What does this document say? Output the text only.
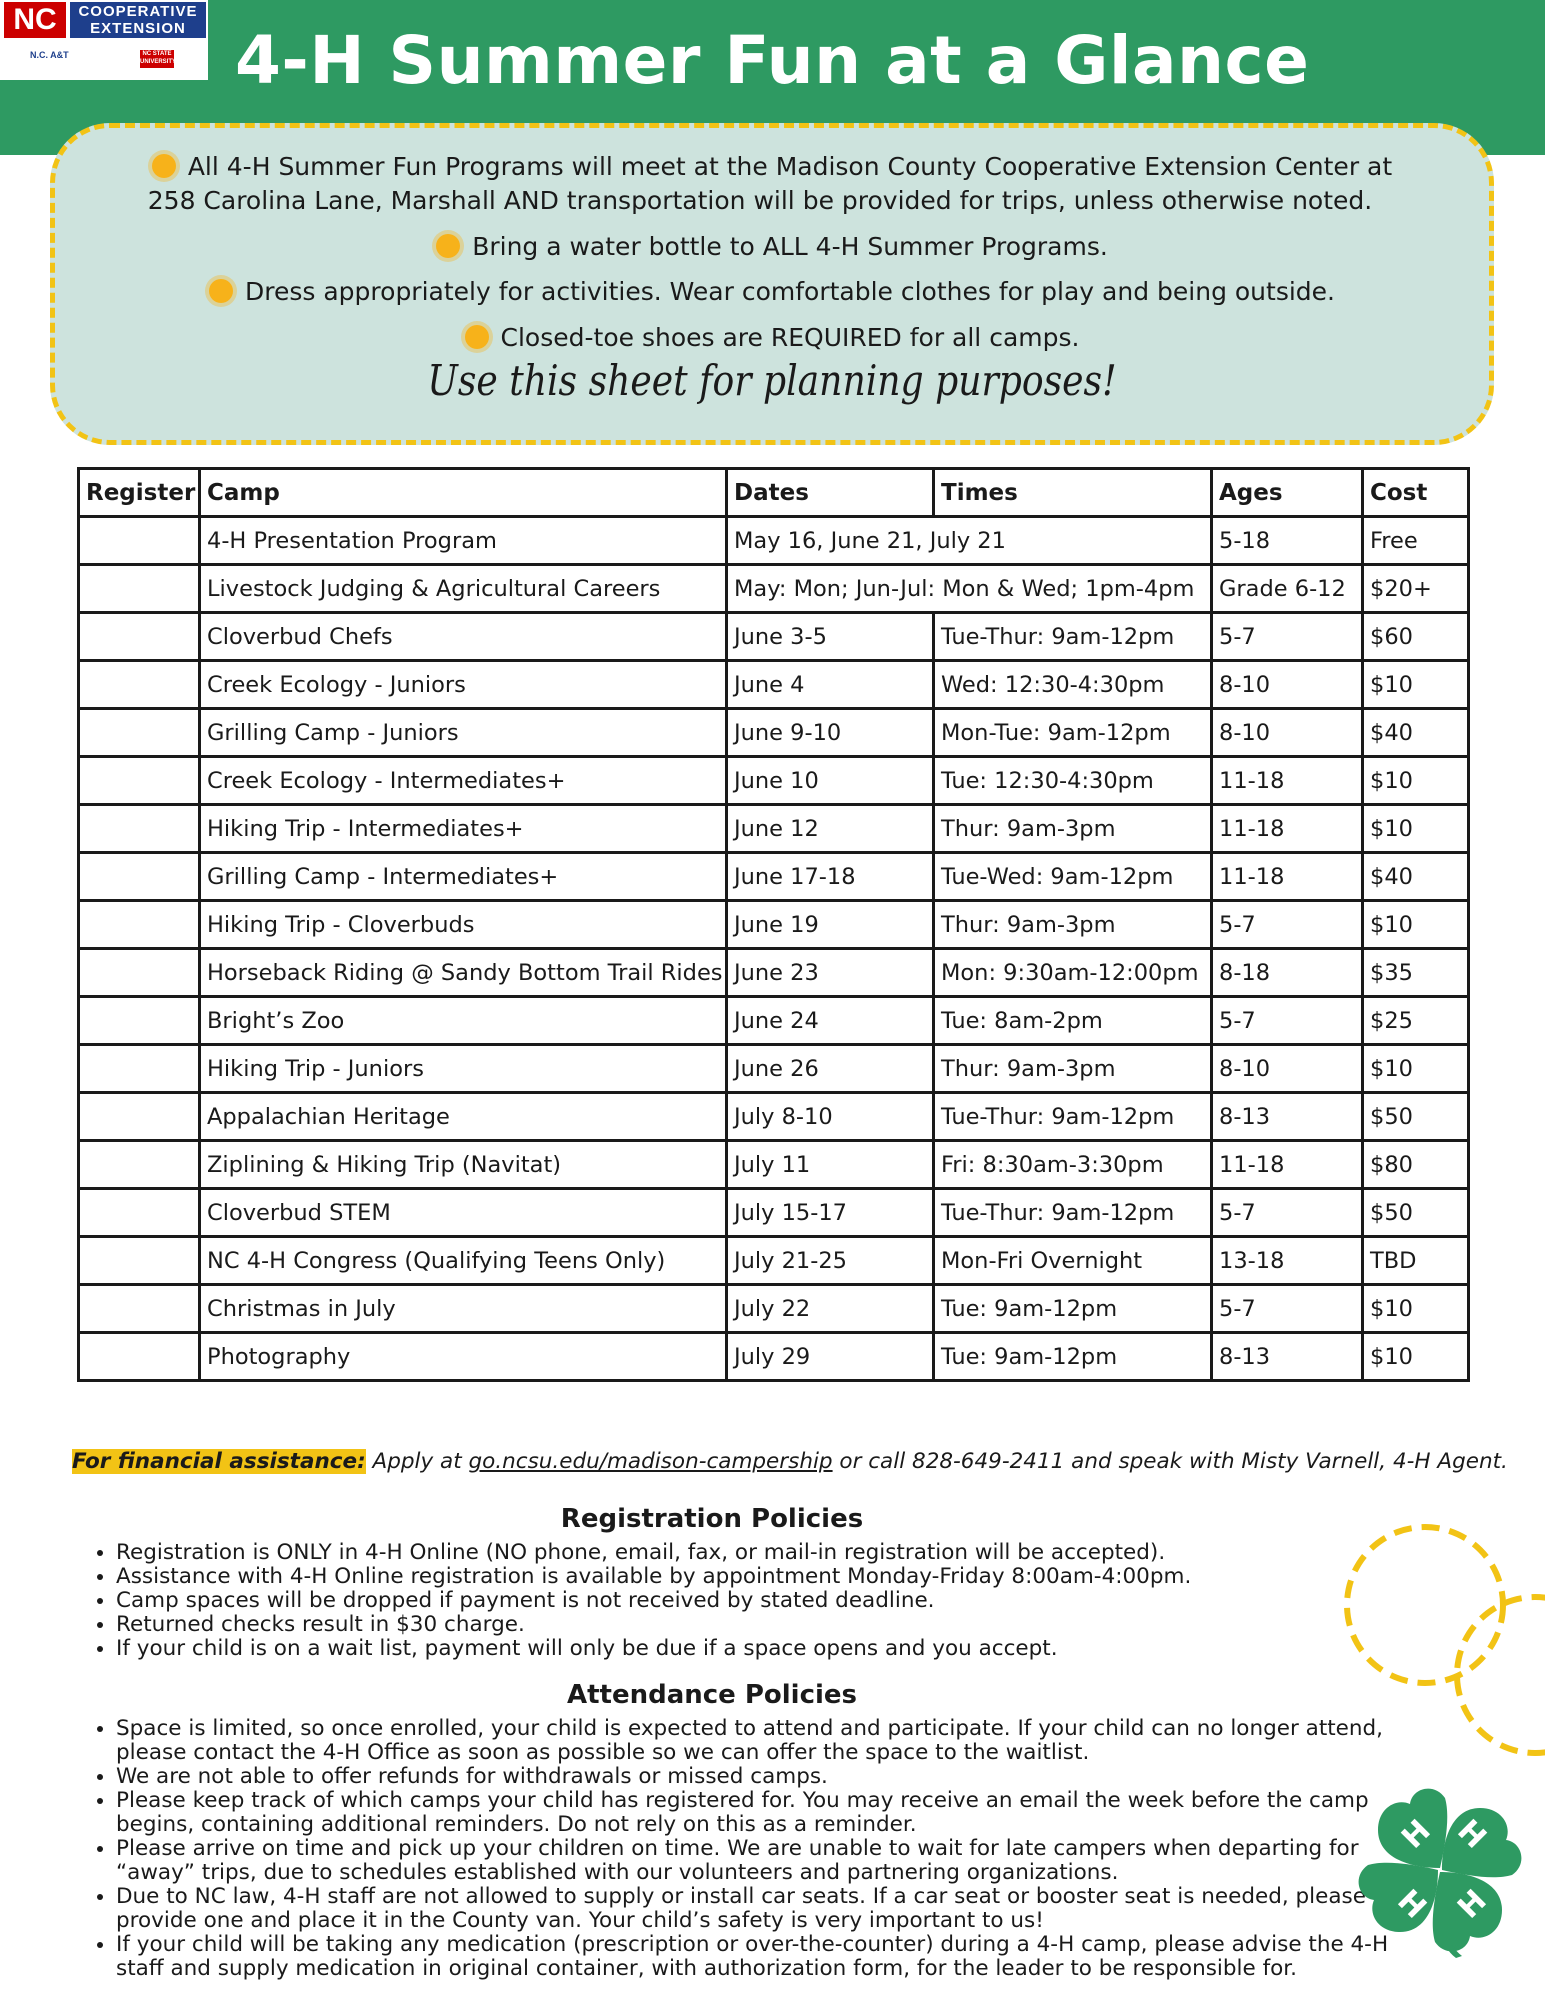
NC	COOPERATIVE
EXTENSION
N.C. A&T	NC STATE UNIVERSITY 4-H Summer Fun at a Glance
All 4-H Summer Fun Programs will meet at the Madison County Cooperative Extension Center at
258 Carolina Lane, Marshall AND transportation will be provided for trips, unless otherwise noted.
Bring a water bottle to ALL 4-H Summer Programs.
Dress appropriately for activities. Wear comfortable clothes for play and being outside.
Closed-toe shoes are REQUIRED for all camps.
Use this sheet for planning purposes!
Register	Camp	Dates	Times	Ages	Cost
	4-H Presentation Program	May 16, June 21, July 21		5-18	Free
	Livestock Judging & Agricultural Careers	May: Mon; Jun-Jul: Mon & Wed; 1pm-4pm		Grade 6-12	$20+
	Cloverbud Chefs	June 3-5	Tue-Thur: 9am-12pm	5-7	$60
	Creek Ecology - Juniors	June 4	Wed: 12:30-4:30pm	8-10	$10
	Grilling Camp - Juniors	June 9-10	Mon-Tue: 9am-12pm	8-10	$40
	Creek Ecology - Intermediates+	June 10	Tue: 12:30-4:30pm	11-18	$10
	Hiking Trip - Intermediates+	June 12	Thur: 9am-3pm	11-18	$10
	Grilling Camp - Intermediates+	June 17-18	Tue-Wed: 9am-12pm	11-18	$40
	Hiking Trip - Cloverbuds	June 19	Thur: 9am-3pm	5-7	$10
	Horseback Riding @ Sandy Bottom Trail Rides	June 23	Mon: 9:30am-12:00pm	8-18	$35
	Bright’s Zoo	June 24	Tue: 8am-2pm	5-7	$25
	Hiking Trip - Juniors	June 26	Thur: 9am-3pm	8-10	$10
	Appalachian Heritage	July 8-10	Tue-Thur: 9am-12pm	8-13	$50
	Ziplining & Hiking Trip (Navitat)	July 11	Fri: 8:30am-3:30pm	11-18	$80
	Cloverbud STEM	July 15-17	Tue-Thur: 9am-12pm	5-7	$50
	NC 4-H Congress (Qualifying Teens Only)	July 21-25	Mon-Fri Overnight	13-18	TBD
	Christmas in July	July 22	Tue: 9am-12pm	5-7	$10
	Photography	July 29	Tue: 9am-12pm	8-13	$10
For financial assistance: Apply at go.ncsu.edu/madison-campership or call 828-649-2411 and speak with Misty Varnell, 4-H Agent.
Registration Policies
• Registration is ONLY in 4-H Online (NO phone, email, fax, or mail-in registration will be accepted).
• Assistance with 4-H Online registration is available by appointment Monday-Friday 8:00am-4:00pm.
• Camp spaces will be dropped if payment is not received by stated deadline.
• Returned checks result in $30 charge.
• If your child is on a wait list, payment will only be due if a space opens and you accept.
Attendance Policies
• Space is limited, so once enrolled, your child is expected to attend and participate. If your child can no longer attend, please contact the 4-H Office as soon as possible so we can offer the space to the waitlist.
• We are not able to offer refunds for withdrawals or missed camps.
• Please keep track of which camps your child has registered for. You may receive an email the week before the camp begins, containing additional reminders. Do not rely on this as a reminder.
• Please arrive on time and pick up your children on time. We are unable to wait for late campers when departing for “away” trips, due to schedules established with our volunteers and partnering organizations.
• Due to NC law, 4-H staff are not allowed to supply or install car seats. If a car seat or booster seat is needed, please provide one and place it in the County van. Your child’s safety is very important to us!
• If your child will be taking any medication (prescription or over-the-counter) during a 4-H camp, please advise the 4-H staff and supply medication in original container, with authorization form, for the leader to be responsible for.
H H
H
H
